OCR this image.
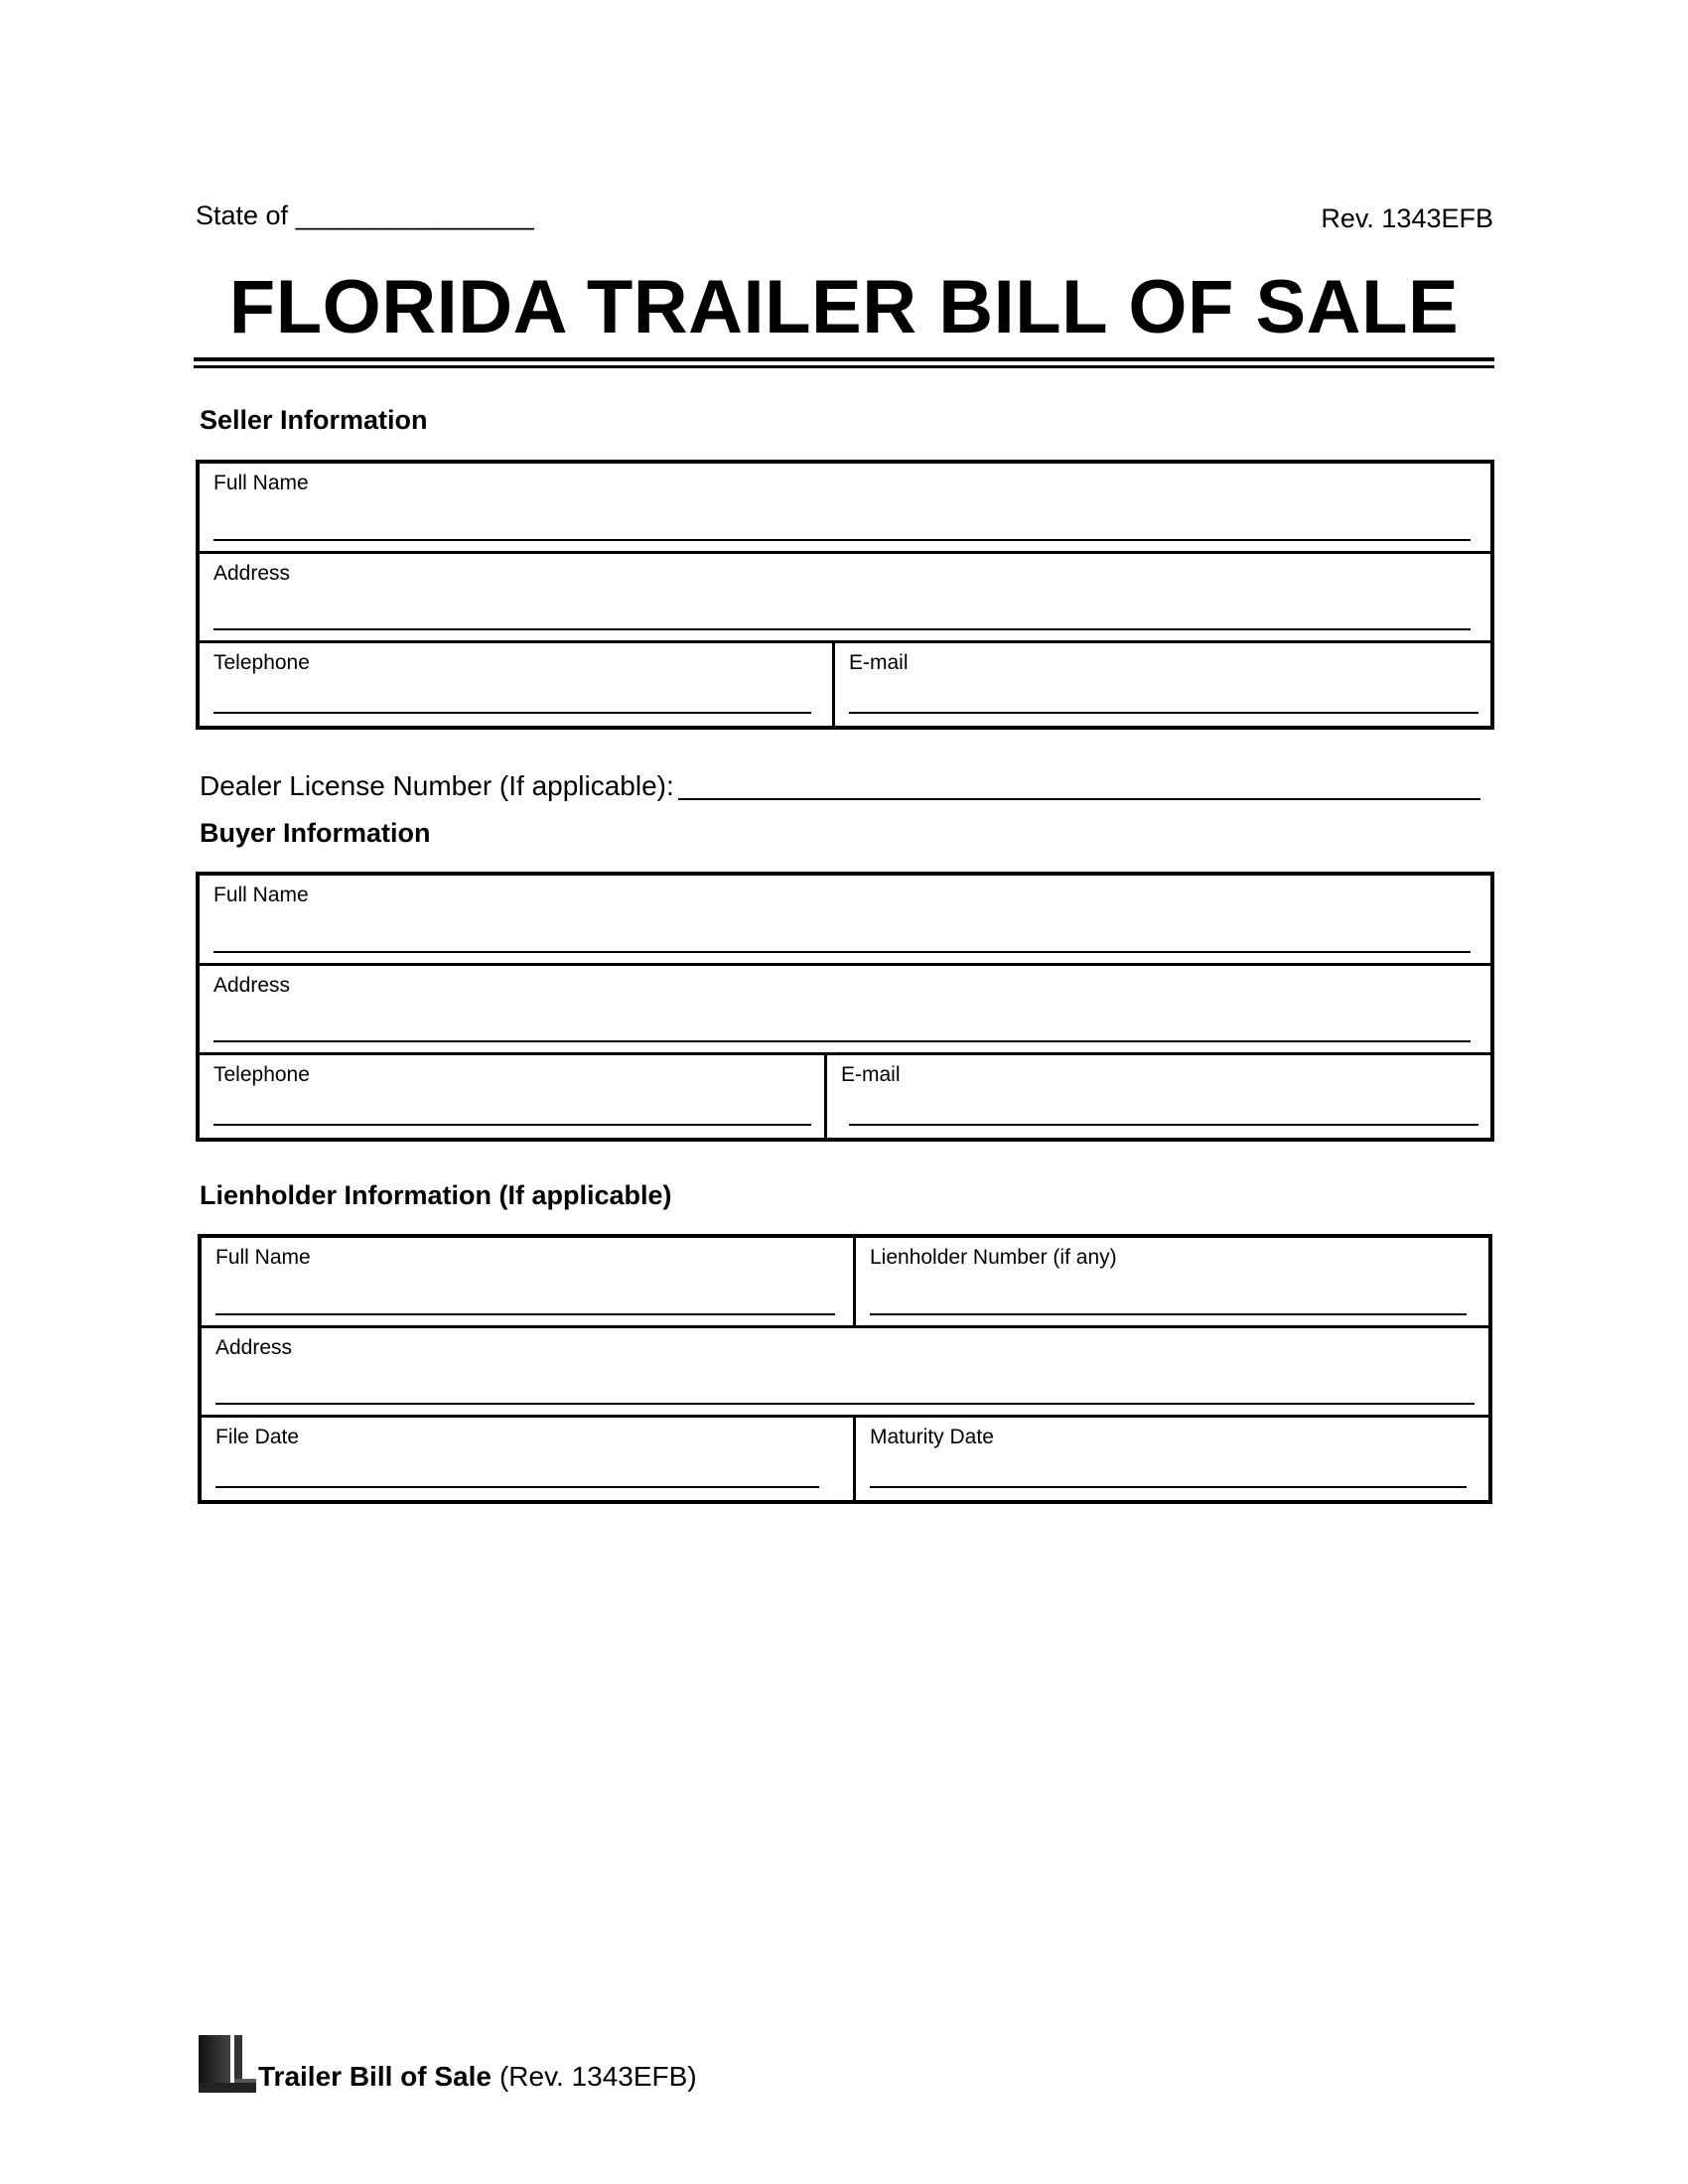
State of ________________	Rev. 1343EFB
FLORIDA TRAILER BILL OF SALE
Seller Information
Full Name
Address
Telephone	E-mail
Dealer License Number (If applicable):
Buyer Information
Full Name
Address
Telephone	E-mail
Lienholder Information (If applicable)
Full Name	Lienholder Number (if any)
Address
File Date	Maturity Date
Trailer Bill of Sale (Rev. 1343EFB)
